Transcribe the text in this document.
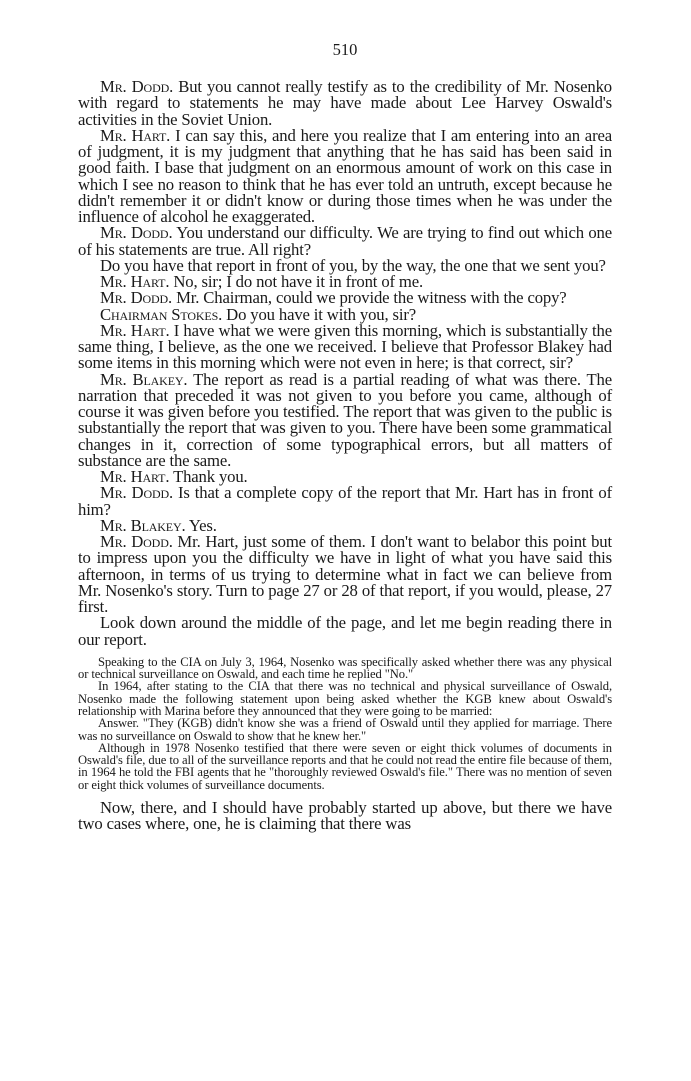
510

Mr. Dodd. But you cannot really testify as to the credibility of Mr. Nosenko with regard to statements he may have made about Lee Harvey Oswald's activities in the Soviet Union.

Mr. Hart. I can say this, and here you realize that I am entering into an area of judgment, it is my judgment that anything that he has said has been said in good faith. I base that judgment on an enormous amount of work on this case in which I see no reason to think that he has ever told an untruth, except because he didn't remember it or didn't know or during those times when he was under the influence of alcohol he exaggerated.

Mr. Dodd. You understand our difficulty. We are trying to find out which one of his statements are true. All right?

Do you have that report in front of you, by the way, the one that we sent you?

Mr. Hart. No, sir; I do not have it in front of me.

Mr. Dodd. Mr. Chairman, could we provide the witness with the copy?

Chairman Stokes. Do you have it with you, sir?

Mr. Hart. I have what we were given this morning, which is substantially the same thing, I believe, as the one we received. I believe that Professor Blakey had some items in this morning which were not even in here; is that correct, sir?

Mr. Blakey. The report as read is a partial reading of what was there. The narration that preceded it was not given to you before you came, although of course it was given before you testified. The report that was given to the public is substantially the report that was given to you. There have been some grammatical changes in it, correction of some typographical errors, but all matters of substance are the same.

Mr. Hart. Thank you.

Mr. Dodd. Is that a complete copy of the report that Mr. Hart has in front of him?

Mr. Blakey. Yes.

Mr. Dodd. Mr. Hart, just some of them. I don't want to belabor this point but to impress upon you the difficulty we have in light of what you have said this afternoon, in terms of us trying to determine what in fact we can believe from Mr. Nosenko's story. Turn to page 27 or 28 of that report, if you would, please, 27 first.

Look down around the middle of the page, and let me begin reading there in our report.

Speaking to the CIA on July 3, 1964, Nosenko was specifically asked whether there was any physical or technical surveillance on Oswald, and each time he replied "No."

In 1964, after stating to the CIA that there was no technical and physical surveillance of Oswald, Nosenko made the following statement upon being asked whether the KGB knew about Oswald's relationship with Marina before they announced that they were going to be married:

Answer. "They (KGB) didn't know she was a friend of Oswald until they applied for marriage. There was no surveillance on Oswald to show that he knew her."

Although in 1978 Nosenko testified that there were seven or eight thick volumes of documents in Oswald's file, due to all of the surveillance reports and that he could not read the entire file because of them, in 1964 he told the FBI agents that he "thoroughly reviewed Oswald's file." There was no mention of seven or eight thick volumes of surveillance documents.

Now, there, and I should have probably started up above, but there we have two cases where, one, he is claiming that there was
